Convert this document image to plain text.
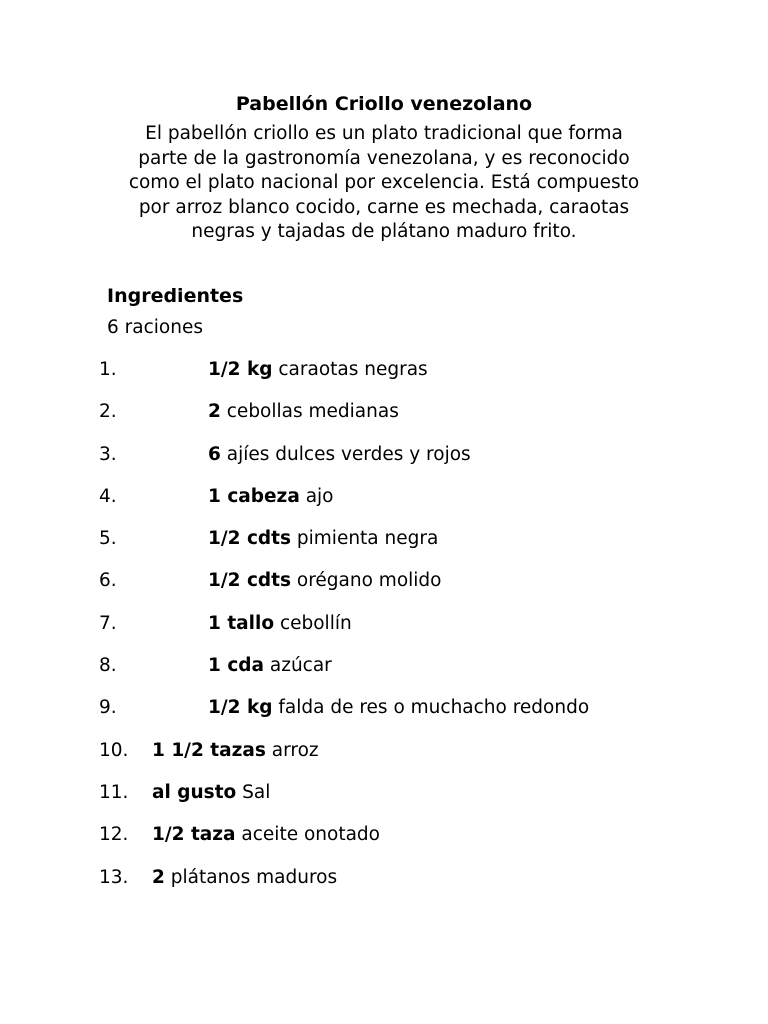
Pabellón Criollo venezolano

El pabellón criollo es un plato tradicional que forma

parte de la gastronomía venezolana, y es reconocido

como el plato nacional por excelencia. Está compuesto

por arroz blanco cocido, carne es mechada, caraotas

negras y tajadas de plátano maduro frito.

Ingredientes
6 raciones
1.	1/2 kg caraotas negras
2.	2 cebollas medianas
3.	6 ajíes dulces verdes y rojos
4.	1 cabeza ajo
5.	1/2 cdts pimienta negra
6.	1/2 cdts orégano molido
7.	1 tallo cebollín
8.	1 cda azúcar
9.	1/2 kg falda de res o muchacho redondo
10. 1 1/2 tazas arroz
11. al gusto Sal
12. 1/2 taza aceite onotado
13. 2 plátanos maduros
